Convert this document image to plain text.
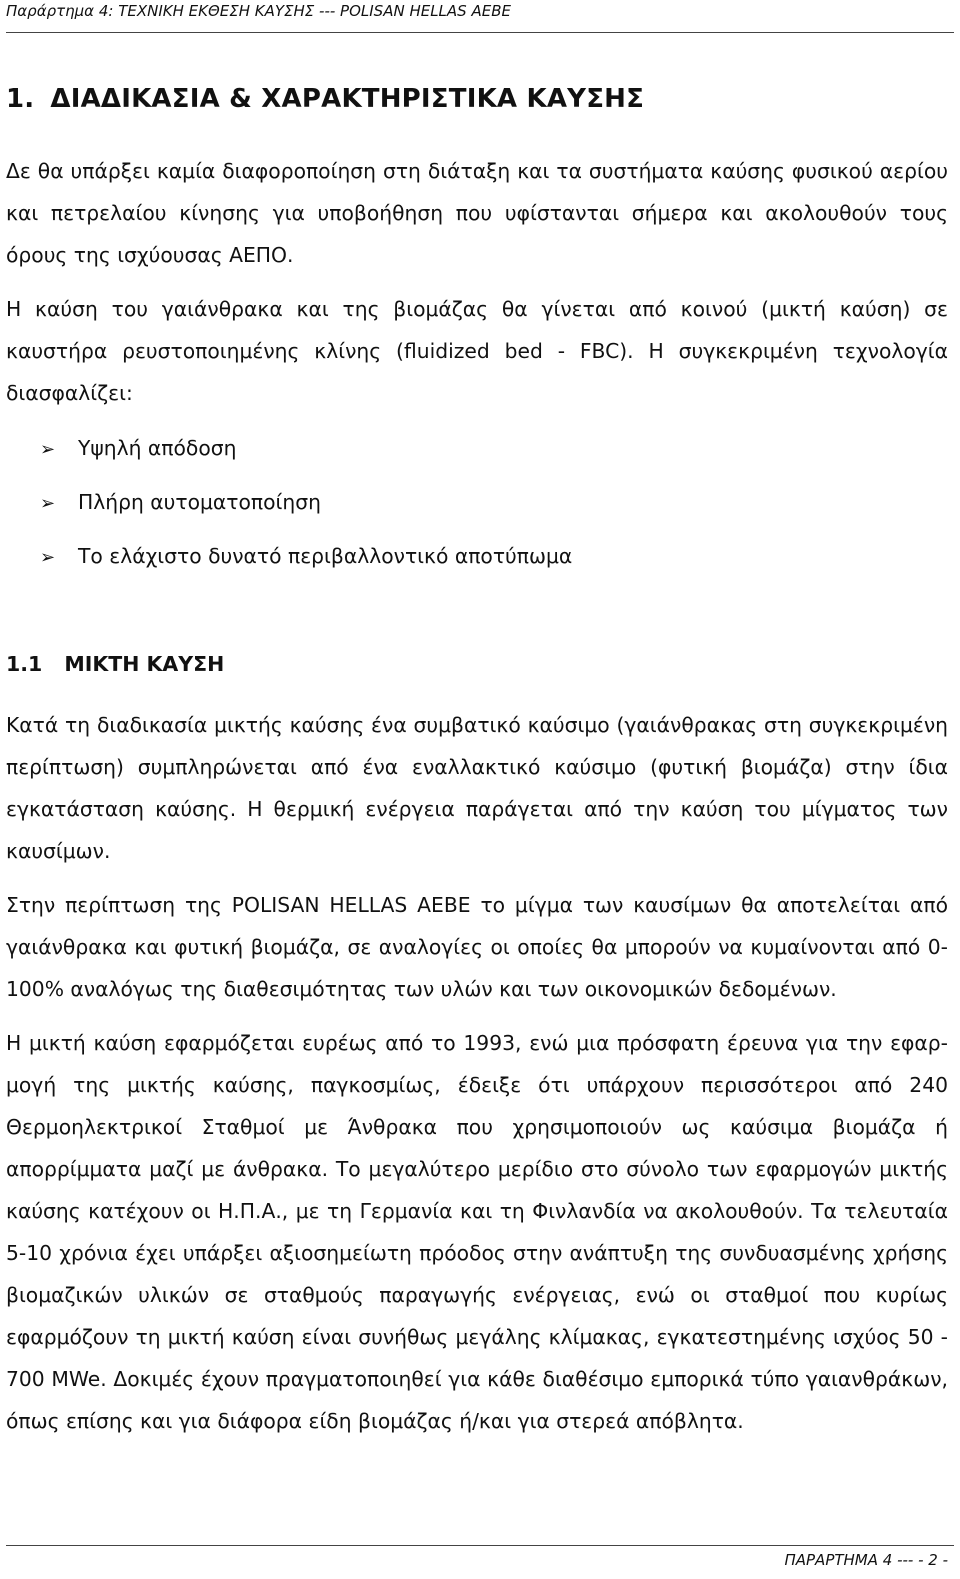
Παράρτημα 4: ΤΕΧΝΙΚΗ ΕΚΘΕΣΗ ΚΑΥΣΗΣ --- POLISAN HELLAS AEBE
1. ΔΙΑΔΙΚΑΣΙΑ & ΧΑΡΑΚΤΗΡΙΣΤΙΚΑ ΚΑΥΣΗΣ

Δε θα υπάρξει καμία διαφοροποίηση στη διάταξη και τα συστήματα καύσης φυσικού αερίου και πετρελαίου κίνησης για υποβοήθηση που υφίστανται σήμερα και ακολουθούν τους όρους της ισχύουσας ΑΕΠΟ.

Η καύση του γαιάνθρακα και της βιομάζας θα γίνεται από κοινού (μικτή καύση) σε καυστήρα ρευστοποιημένης κλίνης (fluidized bed - FBC). Η συγκεκριμένη τεχνολογία διασφαλίζει:

➢ Υψηλή απόδοση
➢ Πλήρη αυτοματοποίηση
➢ Το ελάχιστο δυνατό περιβαλλοντικό αποτύπωμα
1.1 ΜΙΚΤΗ ΚΑΥΣΗ

Κατά τη διαδικασία μικτής καύσης ένα συμβατικό καύσιμο (γαιάνθρακας στη συγκεκριμένη περίπτωση) συμπληρώνεται από ένα εναλλακτικό καύσιμο (φυτική βιομάζα) στην ίδια εγκατάσταση καύσης. Η θερμική ενέργεια παράγεται από την καύση του μίγματος των καυσίμων.

Στην περίπτωση της POLISAN HELLAS AEBE το μίγμα των καυσίμων θα αποτελείται από γαιάνθρακα και φυτική βιομάζα, σε αναλογίες οι οποίες θα μπορούν να κυμαίνονται από 0-100% αναλόγως της διαθεσιμότητας των υλών και των οικονομικών δεδομένων.

Η μικτή καύση εφαρμόζεται ευρέως από το 1993, ενώ μια πρόσφατη έρευνα για την εφαρ-μογή της μικτής καύσης, παγκοσμίως, έδειξε ότι υπάρχουν περισσότεροι από 240 Θερμοηλεκτρικοί Σταθμοί με Άνθρακα που χρησιμοποιούν ως καύσιμα βιομάζα ή απορρίμματα μαζί με άνθρακα. Το μεγαλύτερο μερίδιο στο σύνολο των εφαρμογών μικτής καύσης κατέχουν οι Η.Π.Α., με τη Γερμανία και τη Φινλανδία να ακολουθούν. Τα τελευταία 5-10 χρόνια έχει υπάρξει αξιοσημείωτη πρόοδος στην ανάπτυξη της συνδυασμένης χρήσης βιομαζικών υλικών σε σταθμούς παραγωγής ενέργειας, ενώ οι σταθμοί που κυρίως εφαρμόζουν τη μικτή καύση είναι συνήθως μεγάλης κλίμακας, εγκατεστημένης ισχύος 50 - 700 MWe. Δοκιμές έχουν πραγματοποιηθεί για κάθε διαθέσιμο εμπορικά τύπο γαιανθράκων, όπως επίσης και για διάφορα είδη βιομάζας ή/και για στερεά απόβλητα.

ΠΑΡΑΡΤΗΜΑ 4 --- - 2 -
